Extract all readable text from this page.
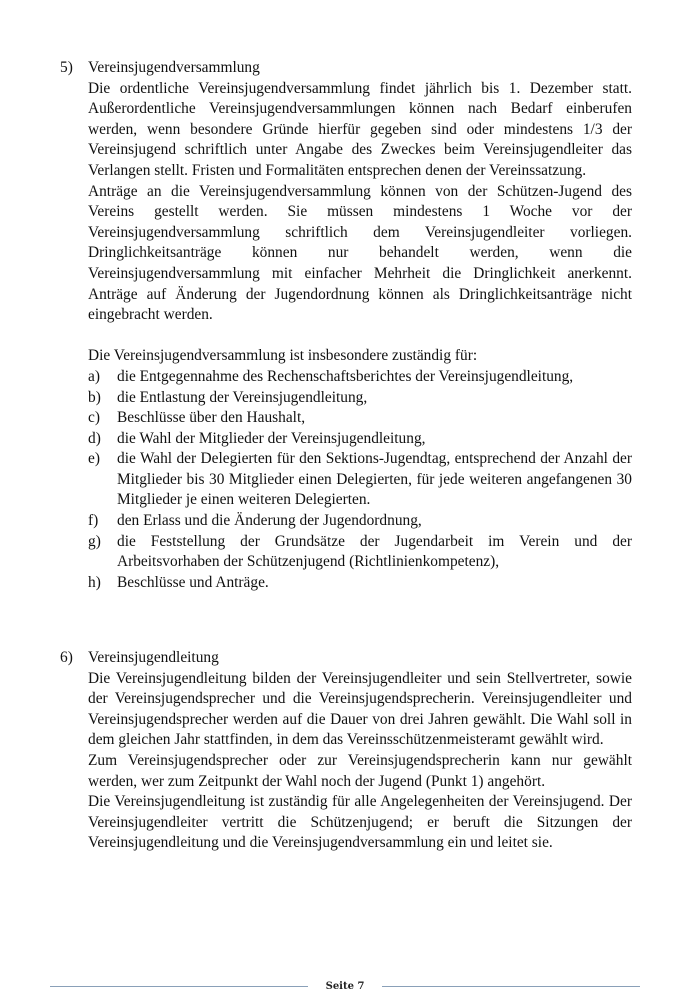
5) Vereinsjugendversammlung

Die ordentliche Vereinsjugendversammlung findet jährlich bis 1. Dezember statt. Außerordentliche Vereinsjugendversammlungen können nach Bedarf einberufen werden, wenn besondere Gründe hierfür gegeben sind oder mindestens 1/3 der Vereinsjugend schriftlich unter Angabe des Zweckes beim Vereinsjugendleiter das Verlangen stellt. Fristen und Formalitäten entsprechen denen der Vereinssatzung.

Anträge an die Vereinsjugendversammlung können von der Schützen-Jugend des Vereins gestellt werden. Sie müssen mindestens 1 Woche vor der Vereinsjugendversammlung schriftlich dem Vereinsjugendleiter vorliegen. Dringlichkeitsanträge können nur behandelt werden, wenn die Vereinsjugendversammlung mit einfacher Mehrheit die Dringlichkeit anerkennt. Anträge auf Änderung der Jugendordnung können als Dringlichkeitsanträge nicht eingebracht werden.

Die Vereinsjugendversammlung ist insbesondere zuständig für:
a) die Entgegennahme des Rechenschaftsberichtes der Vereinsjugendleitung,
b) die Entlastung der Vereinsjugendleitung,
c) Beschlüsse über den Haushalt,
d) die Wahl der Mitglieder der Vereinsjugendleitung,
e) die Wahl der Delegierten für den Sektions-Jugendtag, entsprechend der Anzahl der Mitglieder bis 30 Mitglieder einen Delegierten, für jede weiteren angefangenen 30 Mitglieder je einen weiteren Delegierten.
f) den Erlass und die Änderung der Jugendordnung,
g) die Feststellung der Grundsätze der Jugendarbeit im Verein und der Arbeitsvorhaben der Schützenjugend (Richtlinienkompetenz),
h) Beschlüsse und Anträge.
6) Vereinsjugendleitung

Die Vereinsjugendleitung bilden der Vereinsjugendleiter und sein Stellvertreter, sowie der Vereinsjugendsprecher und die Vereinsjugendsprecherin. Vereinsjugendleiter und Vereinsjugendsprecher werden auf die Dauer von drei Jahren gewählt. Die Wahl soll in dem gleichen Jahr stattfinden, in dem das Vereinsschützenmeisteramt gewählt wird.

Zum Vereinsjugendsprecher oder zur Vereinsjugendsprecherin kann nur gewählt werden, wer zum Zeitpunkt der Wahl noch der Jugend (Punkt 1) angehört.

Die Vereinsjugendleitung ist zuständig für alle Angelegenheiten der Vereinsjugend. Der Vereinsjugendleiter vertritt die Schützenjugend; er beruft die Sitzungen der Vereinsjugendleitung und die Vereinsjugendversammlung ein und leitet sie.

Seite 7
